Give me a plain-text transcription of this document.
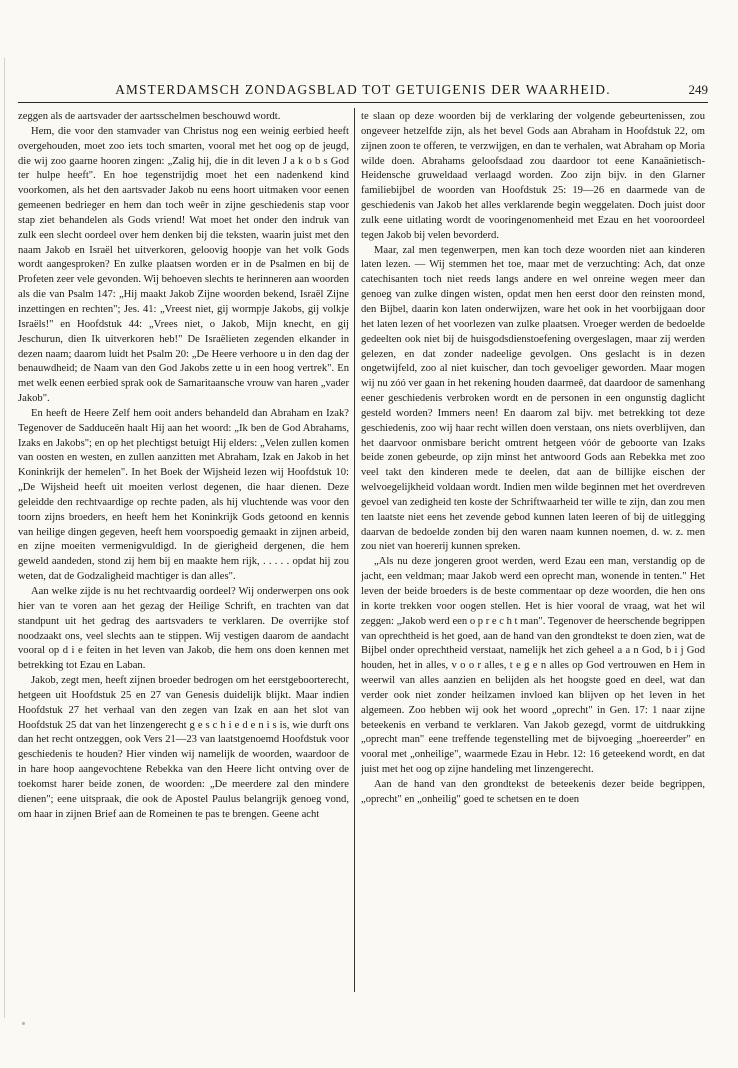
AMSTERDAMSCH ZONDAGSBLAD TOT GETUIGENIS DER WAARHEID.	249

zeggen als de aartsvader der aartsschelmen beschouwd wordt.

Hem, die voor den stamvader van Christus nog een weinig eerbied heeft overgehouden, moet zoo iets toch smarten, vooral met het oog op de jeugd, die wij zoo gaarne hooren zingen: „Zalig hij, die in dit leven J a k o b s God ter hulpe heeft". En hoe tegenstrijdig moet het een nadenkend kind voorkomen, als het den aartsvader Jakob nu eens hoort uitmaken voor eenen gemeenen bedrieger en hem dan toch weêr in zijne geschiedenis stap voor stap ziet behandelen als Gods vriend! Wat moet het onder den indruk van zulk een slecht oordeel over hem denken bij die teksten, waarin juist met den naam Jakob en Israël het uitverkoren, geloovig hoopje van het volk Gods wordt aangesproken? En zulke plaatsen worden er in de Psalmen en bij de Profeten zeer vele gevonden. Wij behoeven slechts te herinneren aan woorden als die van Psalm 147: „Hij maakt Jakob Zijne woorden bekend, Israël Zijne inzettingen en rechten"; Jes. 41: „Vreest niet, gij wormpje Jakobs, gij volkje Israëls!" en Hoofdstuk 44: „Vrees niet, o Jakob, Mijn knecht, en gij Jeschurun, dien Ik uitverkoren heb!" De Israëlieten zegenden elkander in dezen naam; daarom luidt het Psalm 20: „De Heere verhoore u in den dag der benauwdheid; de Naam van den God Jakobs zette u in een hoog vertrek". En met welk eenen eerbied sprak ook de Samaritaansche vrouw van haren „vader Jakob".

En heeft de Heere Zelf hem ooit anders behandeld dan Abraham en Izak? Tegenover de Sadduceën haalt Hij aan het woord: „Ik ben de God Abrahams, Izaks en Jakobs"; en op het plechtigst betuigt Hij elders: „Velen zullen komen van oosten en westen, en zullen aanzitten met Abraham, Izak en Jakob in het Koninkrijk der hemelen". In het Boek der Wijsheid lezen wij Hoofdstuk 10: „De Wijsheid heeft uit moeiten verlost degenen, die haar dienen. Deze geleidde den rechtvaardige op rechte paden, als hij vluchtende was voor den toorn zijns broeders, en heeft hem het Koninkrijk Gods getoond en kennis van heilige dingen gegeven, heeft hem voorspoedig gemaakt in zijnen arbeid, en zijne moeiten vermenigvuldigd. In de gierigheid dergenen, die hem geweld aandeden, stond zij hem bij en maakte hem rijk, . . . . . opdat hij zou weten, dat de Godzaligheid machtiger is dan alles".

Aan welke zijde is nu het rechtvaardig oordeel? Wij onderwerpen ons ook hier van te voren aan het gezag der Heilige Schrift, en trachten van dat standpunt uit het gedrag des aartsvaders te verklaren. De overrijke stof noodzaakt ons, veel slechts aan te stippen. Wij vestigen daarom de aandacht vooral op d i e feiten in het leven van Jakob, die hem ons doen kennen met betrekking tot Ezau en Laban.

Jakob, zegt men, heeft zijnen broeder bedrogen om het eerstgeboorterecht, hetgeen uit Hoofdstuk 25 en 27 van Genesis duidelijk blijkt. Maar indien Hoofdstuk 27 het verhaal van den zegen van Izak en aan het slot van Hoofdstuk 25 dat van het linzengerecht g e s c h i e d e n i s is, wie durft ons dan het recht ontzeggen, ook Vers 21—23 van laatstgenoemd Hoofdstuk voor geschiedenis te houden? Hier vinden wij namelijk de woorden, waardoor de in hare hoop aangevochtene Rebekka van den Heere licht ontving over de toekomst harer beide zonen, de woorden: „De meerdere zal den mindere dienen"; eene uitspraak, die ook de Apostel Paulus belangrijk genoeg vond, om haar in zijnen Brief aan de Romeinen te pas te brengen. Geene acht

te slaan op deze woorden bij de verklaring der volgende gebeurtenissen, zou ongeveer hetzelfde zijn, als het bevel Gods aan Abraham in Hoofdstuk 22, om zijnen zoon te offeren, te verzwijgen, en dan te verhalen, wat Abraham op Moria wilde doen. Abrahams geloofsdaad zou daardoor tot eene Kanaänietisch-Heidensche gruweldaad verlaagd worden. Zoo zijn bijv. in den Glarner familiebijbel de woorden van Hoofdstuk 25: 19—26 en daarmede van de geschiedenis van Jakob het alles verklarende begin weggelaten. Doch juist door zulk eene uitlating wordt de vooringenomenheid met Ezau en het vooroordeel tegen Jakob bij velen bevorderd.

Maar, zal men tegenwerpen, men kan toch deze woorden niet aan kinderen laten lezen. — Wij stemmen het toe, maar met de verzuchting: Ach, dat onze catechisanten toch niet reeds langs andere en wel onreine wegen meer dan genoeg van zulke dingen wisten, opdat men hen eerst door den reinsten mond, den Bijbel, daarin kon laten onderwijzen, ware het ook in het voorbijgaan door het laten lezen of het voorlezen van zulke plaatsen. Vroeger werden de bedoelde gedeelten ook niet bij de huisgodsdienstoefening overgeslagen, maar zij werden gelezen, en dat zonder nadeelige gevolgen. Ons geslacht is in dezen ongetwijfeld, zoo al niet kuischer, dan toch gevoeliger geworden. Maar mogen wij nu zóó ver gaan in het rekening houden daarmeê, dat daardoor de samenhang eener geschiedenis verbroken wordt en de personen in een ongunstig daglicht gesteld worden? Immers neen! En daarom zal bijv. met betrekking tot deze geschiedenis, zoo wij haar recht willen doen verstaan, ons niets overblijven, dan het daarvoor onmisbare bericht omtrent hetgeen vóór de geboorte van Izaks beide zonen gebeurde, op zijn minst het antwoord Gods aan Rebekka met zoo veel takt den kinderen mede te deelen, dat aan de billijke eischen der welvoegelijkheid voldaan wordt. Indien men wilde beginnen met het overdreven gevoel van zedigheid ten koste der Schriftwaarheid ter wille te zijn, dan zou men ten laatste niet eens het zevende gebod kunnen laten leeren of bij de uitlegging daarvan de bedoelde zonden bij den waren naam kunnen noemen, d. w. z. men zou niet van hoererij kunnen spreken.

„Als nu deze jongeren groot werden, werd Ezau een man, verstandig op de jacht, een veldman; maar Jakob werd een oprecht man, wonende in tenten." Het leven der beide broeders is de beste commentaar op deze woorden, die hen ons in korte trekken voor oogen stellen. Het is hier vooral de vraag, wat het wil zeggen: „Jakob werd een o p r e c h t man". Tegenover de heerschende begrippen van oprechtheid is het goed, aan de hand van den grondtekst te doen zien, wat de Bijbel onder oprechtheid verstaat, namelijk het zich geheel a a n God, b i j God houden, het in alles, v o o r alles, t e g e n alles op God vertrouwen en Hem in weerwil van alles aanzien en belijden als het hoogste goed en deel, wat dan verder ook niet zonder heilzamen invloed kan blijven op het leven in het algemeen. Zoo hebben wij ook het woord „oprecht" in Gen. 17: 1 naar zijne beteekenis en verband te verklaren. Van Jakob gezegd, vormt de uitdrukking „oprecht man" eene treffende tegenstelling met de bijvoeging „hoereerder" en vooral met „onheilige", waarmede Ezau in Hebr. 12: 16 geteekend wordt, en dat juist met het oog op zijne handeling met linzengerecht.

Aan de hand van den grondtekst de beteekenis dezer beide begrippen, „oprecht" en „onheilig" goed te schetsen en te doen
